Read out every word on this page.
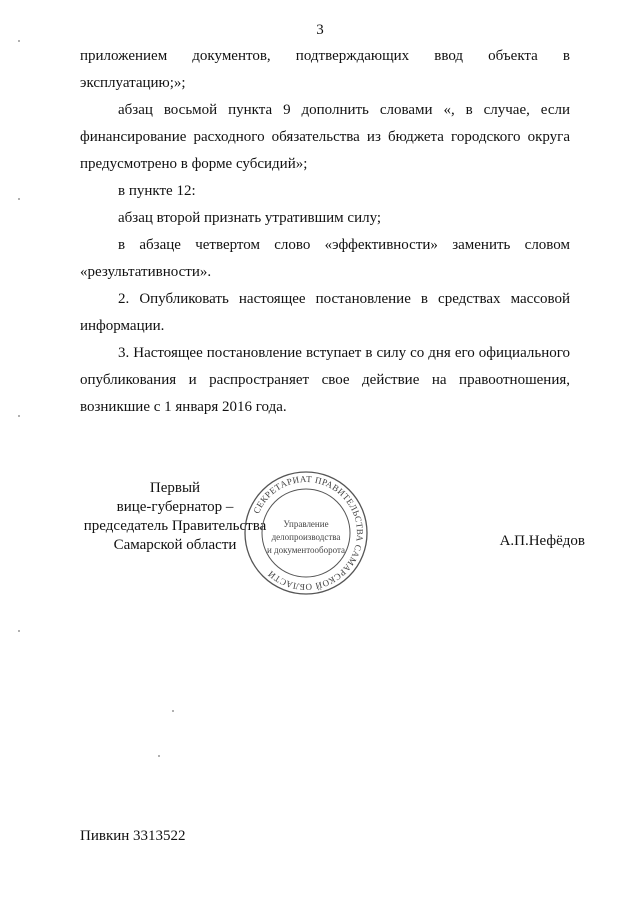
3

приложением документов, подтверждающих ввод объекта в

эксплуатацию;»;

абзац восьмой пункта 9 дополнить словами «, в случае, если финансирование расходного обязательства из бюджета городского округа предусмотрено в форме субсидий»;

в пункте 12:

абзац второй признать утратившим силу;

в абзаце четвертом слово «эффективности» заменить словом «результативности».

2. Опубликовать настоящее постановление в средствах массовой информации.

3. Настоящее постановление вступает в силу со дня его официального опубликования и распространяет свое действие на правоотношения, возникшие с 1 января 2016 года.

Первый
вице-губернатор –
председатель Правительства
Самарской области
СЕКРЕТАРИАТ ПРАВИТЕЛЬСТВА САМАРСКОЙ ОБЛАСТИ
Управление
делопроизводства
и документооборота
А.П.Нефёдов
Пивкин 3313522
